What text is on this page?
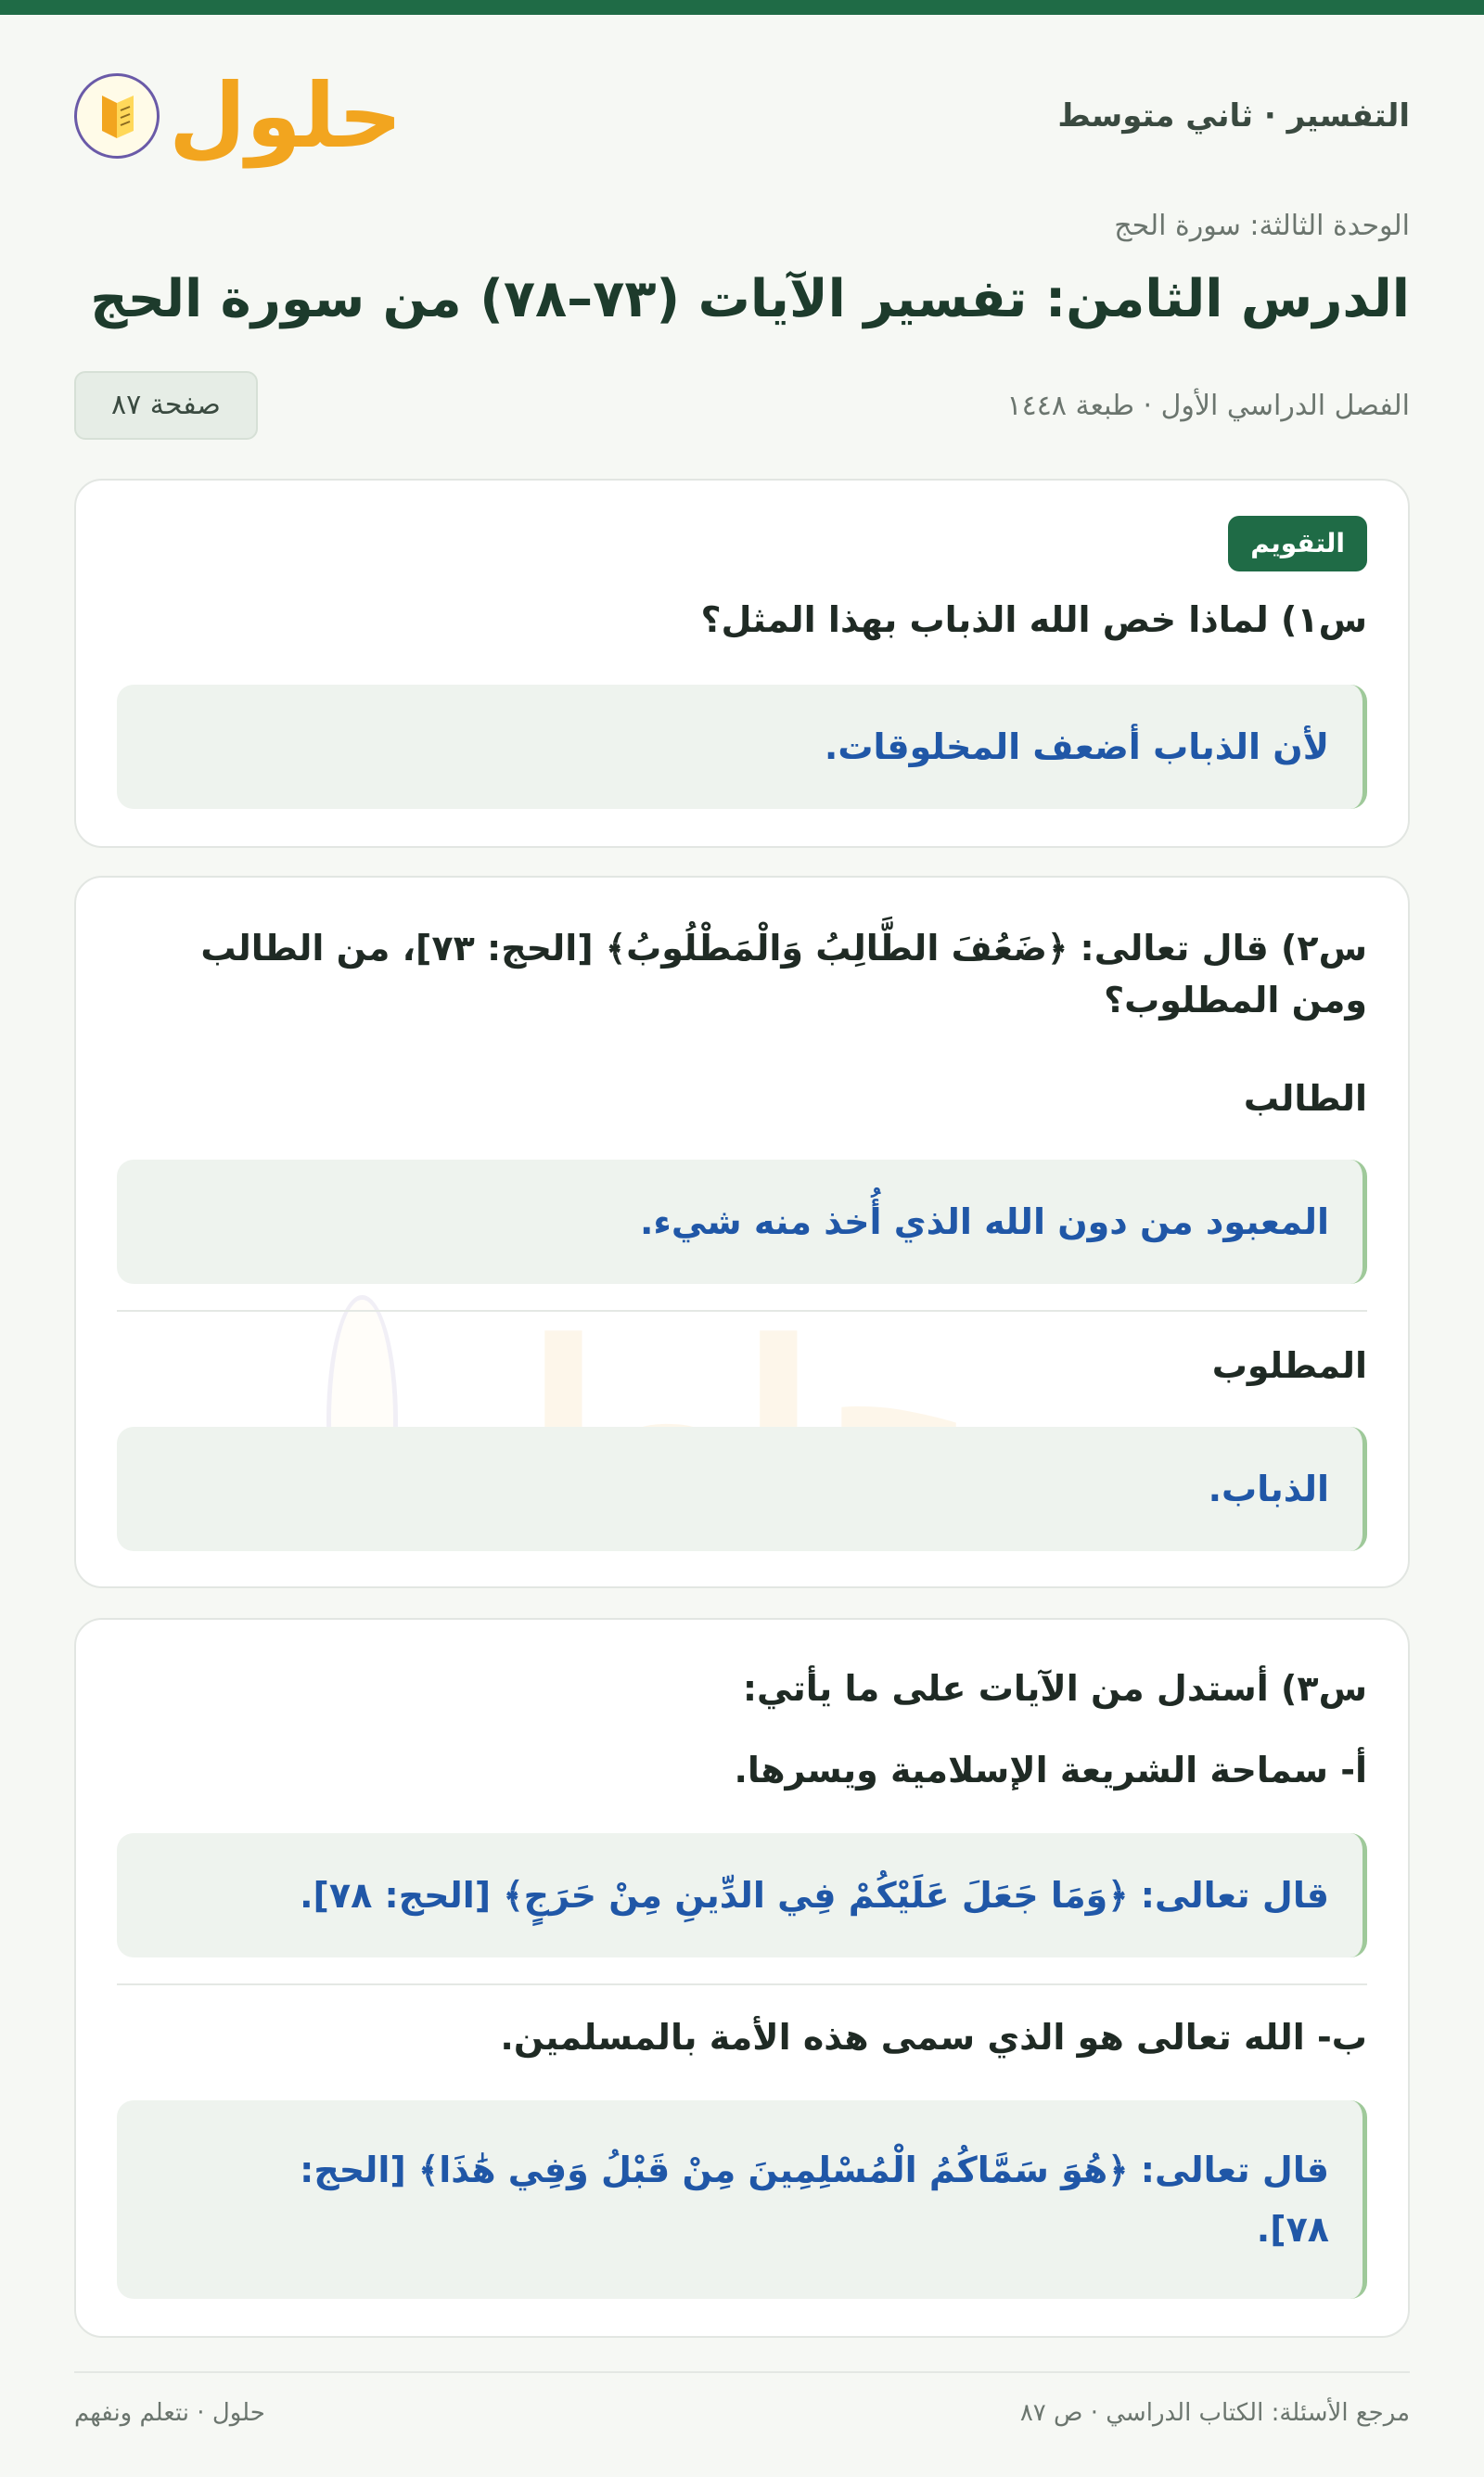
التفسير · ثاني متوسط
حلول
الوحدة الثالثة: سورة الحج
الدرس الثامن: تفسير الآيات (٧٣–٧٨) من سورة الحج
الفصل الدراسي الأول · طبعة ١٤٤٨
صفحة ٨٧
التقويم
س١) لماذا خص الله الذباب بهذا المثل؟
لأن الذباب أضعف المخلوقات.
حلول
س٢) قال تعالى: ﴿ضَعُفَ الطَّالِبُ وَالْمَطْلُوبُ﴾ [الحج: ٧٣]، من الطالب
ومن المطلوب؟
الطالب
المعبود من دون الله الذي أُخذ منه شيء.
المطلوب
الذباب.
س٣) أستدل من الآيات على ما يأتي:
أ- سماحة الشريعة الإسلامية ويسرها.
قال تعالى: ﴿وَمَا جَعَلَ عَلَيْكُمْ فِي الدِّينِ مِنْ حَرَجٍ﴾ [الحج: ٧٨].
ب- الله تعالى هو الذي سمى هذه الأمة بالمسلمين.
قال تعالى: ﴿هُوَ سَمَّاكُمُ الْمُسْلِمِينَ مِنْ قَبْلُ وَفِي هَٰذَا﴾ [الحج:
٧٨].
مرجع الأسئلة: الكتاب الدراسي · ص ٨٧
حلول · نتعلم ونفهم
